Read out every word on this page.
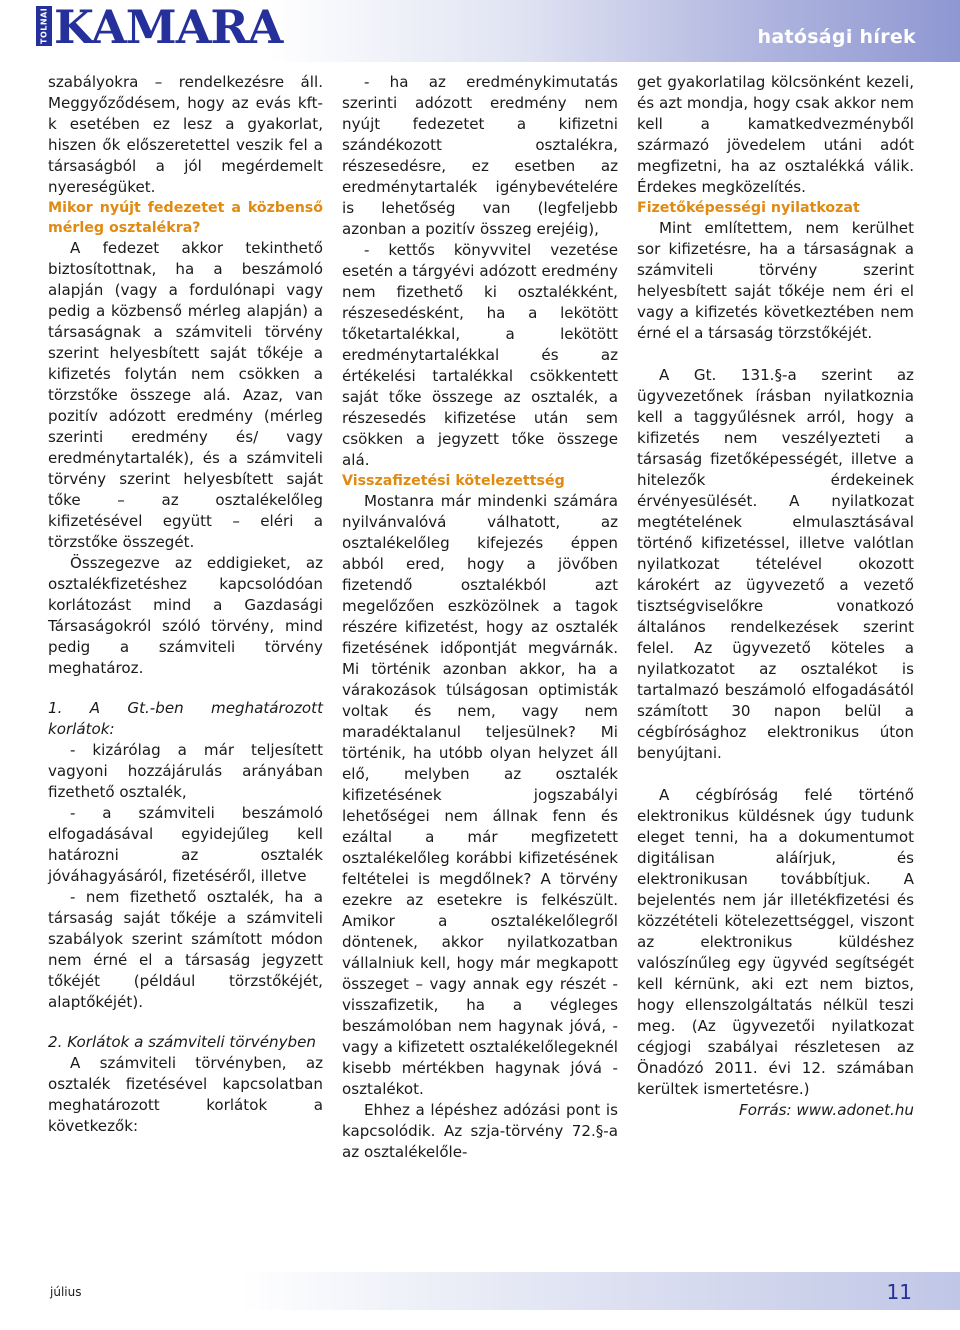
TOLNAI KAMARA	hatósági hírek

szabályokra – rendelkezésre áll. Meggyőződésem, hogy az evás kft-k esetében ez lesz a gyakorlat, hiszen ők előszeretettel veszik fel a társaságból a jól megérdemelt nyereségüket.

Mikor nyújt fedezetet a közbenső mérleg osztalékra?

A fedezet akkor tekinthető biztosítottnak, ha a beszámoló alapján (vagy a fordulónapi vagy pedig a közbenső mérleg alapján) a társaságnak a számviteli törvény szerint helyesbített saját tőkéje a kifizetés folytán nem csökken a törzstőke összege alá. Azaz, van pozitív adózott eredmény (mérleg szerinti eredmény és/ vagy eredménytartalék), és a számviteli törvény szerint helyesbített saját tőke – az osztalékelőleg kifizetésével együtt – eléri a törzstőke összegét.

Összegezve az eddigieket, az osztalékfizetéshez kapcsolódóan korlátozást mind a Gazdasági Társaságokról szóló törvény, mind pedig a számviteli törvény meghatároz.

1. A Gt.-ben meghatározott korlátok:

- kizárólag a már teljesített vagyoni hozzájárulás arányában fizethető osztalék,

- a számviteli beszámoló elfogadásával egyidejűleg kell határozni az osztalék jóváhagyásáról, fizetéséről, illetve

- nem fizethető osztalék, ha a társaság saját tőkéje a számviteli szabályok szerint számított módon nem érné el a társaság jegyzett tőkéjét (például törzstőkéjét, alaptőkéjét).

2. Korlátok a számviteli törvényben

A számviteli törvényben, az osztalék fizetésével kapcsolatban meghatározott korlátok a következők:

- ha az eredménykimutatás szerinti adózott eredmény nem nyújt fedezetet a kifizetni szándékozott osztalékra, részesedésre, ez esetben az eredménytartalék igénybevételére is lehetőség van (legfeljebb azonban a pozitív összeg erejéig),

- kettős könyvvitel vezetése esetén a tárgyévi adózott eredmény nem fizethető ki osztalékként, részesedésként, ha a lekötött tőketartalékkal, a lekötött eredménytartalékkal és az értékelési tartalékkal csökkentett saját tőke összege az osztalék, a részesedés kifizetése után sem csökken a jegyzett tőke összege alá.

Visszafizetési kötelezettség

Mostanra már mindenki számára nyilvánvalóvá válhatott, az osztalékelőleg kifejezés éppen abból ered, hogy a jövőben fizetendő osztalékból azt megelőzően eszközölnek a tagok részére kifizetést, hogy az osztalék fizetésének időpontját megvárnák. Mi történik azonban akkor, ha a várakozások túlságosan optimisták voltak és nem, vagy nem maradéktalanul teljesülnek? Mi történik, ha utóbb olyan helyzet áll elő, melyben az osztalék kifizetésének jogszabályi lehetőségei nem állnak fenn és ezáltal a már megfizetett osztalékelőleg korábbi kifizetésének feltételei is megdőlnek? A törvény ezekre az esetekre is felkészült. Amikor a osztalékelőlegről döntenek, akkor nyilatkozatban vállalniuk kell, hogy már megkapott összeget – vagy annak egy részét - visszafizetik, ha a végleges beszámolóban nem hagynak jóvá, - vagy a kifizetett osztalékelőlegeknél kisebb mértékben hagynak jóvá - osztalékot.

Ehhez a lépéshez adózási pont is kapcsolódik. Az szja-törvény 72.§-a az osztalékelőle-

get gyakorlatilag kölcsönként kezeli, és azt mondja, hogy csak akkor nem kell a kamatkedvezményből származó jövedelem utáni adót megfizetni, ha az osztalékká válik. Érdekes megközelítés.

Fizetőképességi nyilatkozat

Mint említettem, nem kerülhet sor kifizetésre, ha a társaságnak a számviteli törvény szerint helyesbített saját tőkéje nem éri el vagy a kifizetés következtében nem érné el a társaság törzstőkéjét.

A Gt. 131.§-a szerint az ügyvezetőnek írásban nyilatkoznia kell a taggyűlésnek arról, hogy a kifizetés nem veszélyezteti a társaság fizetőképességét, illetve a hitelezők érdekeinek érvényesülését. A nyilatkozat megtételének elmulasztásával történő kifizetéssel, illetve valótlan nyilatkozat tételével okozott károkért az ügyvezető a vezető tisztségviselőkre vonatkozó általános rendelkezések szerint felel. Az ügyvezető köteles a nyilatkozatot az osztalékot is tartalmazó beszámoló elfogadásától számított 30 napon belül a cégbírósághoz elektronikus úton benyújtani.

A cégbíróság felé történő elektronikus küldésnek úgy tudunk eleget tenni, ha a dokumentumot digitálisan aláírjuk, és elektronikusan továbbítjuk. A bejelentés nem jár illetékfizetési és közzétételi kötelezettséggel, viszont az elektronikus küldéshez valószínűleg egy ügyvéd segítségét kell kérnünk, aki ezt nem biztos, hogy ellenszolgáltatás nélkül teszi meg. (Az ügyvezetői nyilatkozat cégjogi szabályai részletesen az Önadózó 2011. évi 12. számában kerültek ismertetésre.)

Forrás: www.adonet.hu

július	11
